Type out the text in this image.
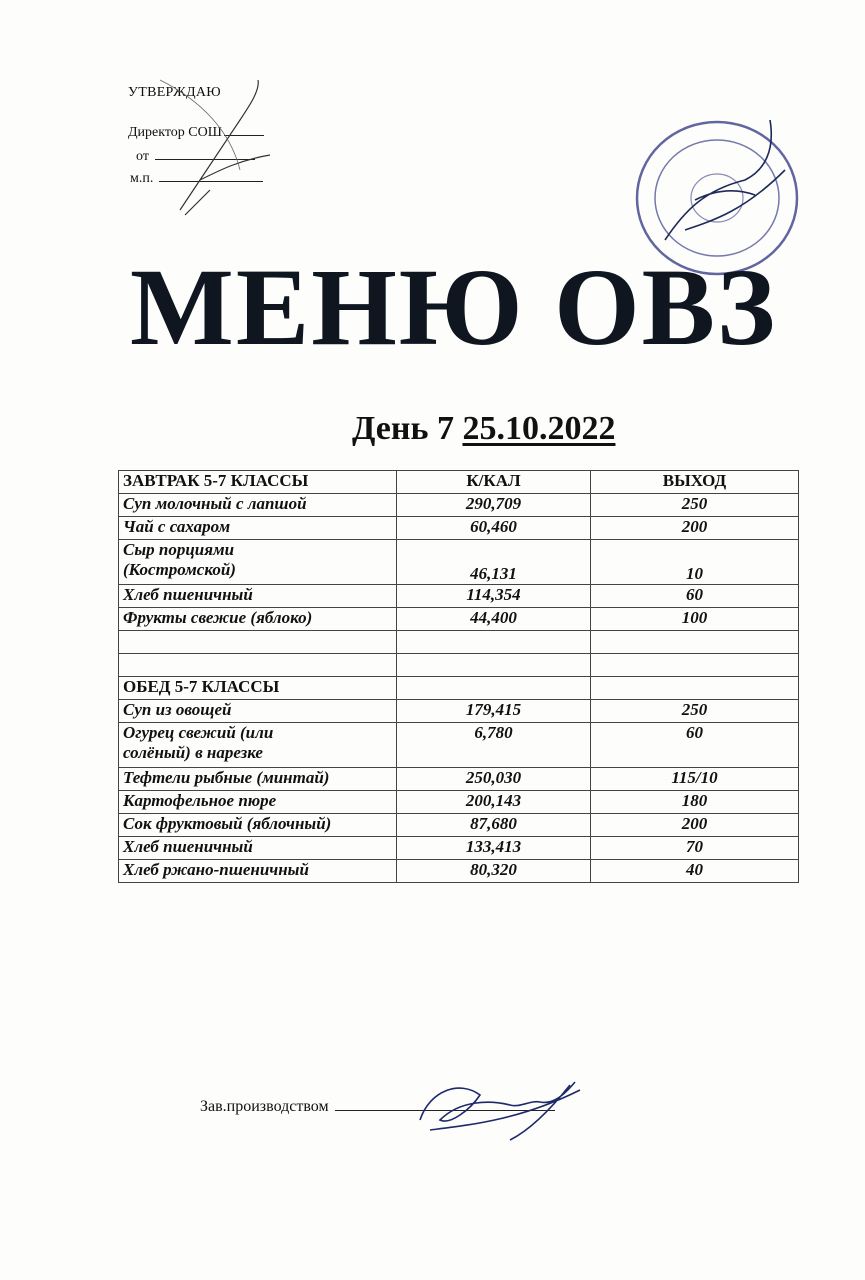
УТВЕРЖДАЮ
Директор СОШ
от
м.п.
МЕНЮ ОВЗ
День 7 25.10.2022
ЗАВТРАК 5-7 КЛАССЫ	К/КАЛ	ВЫХОД
Суп молочный с лапшой	290,709	250
Чай с сахаром	60,460	200

Сыр порциями
(Костромской)	46,131	10
Хлеб пшеничный	114,354	60
Фрукты свежие (яблоко)	44,400	100

ОБЕД 5-7 КЛАССЫ		
Суп из овощей	179,415	250

Огурец свежий (или
солёный) в нарезке	6,780	60
Тефтели рыбные (минтай)	250,030	115/10
Картофельное пюре	200,143	180
Сок фруктовый (яблочный)	87,680	200
Хлеб пшеничный	133,413	70
Хлеб ржано-пшеничный	80,320	40
Зав.производством
